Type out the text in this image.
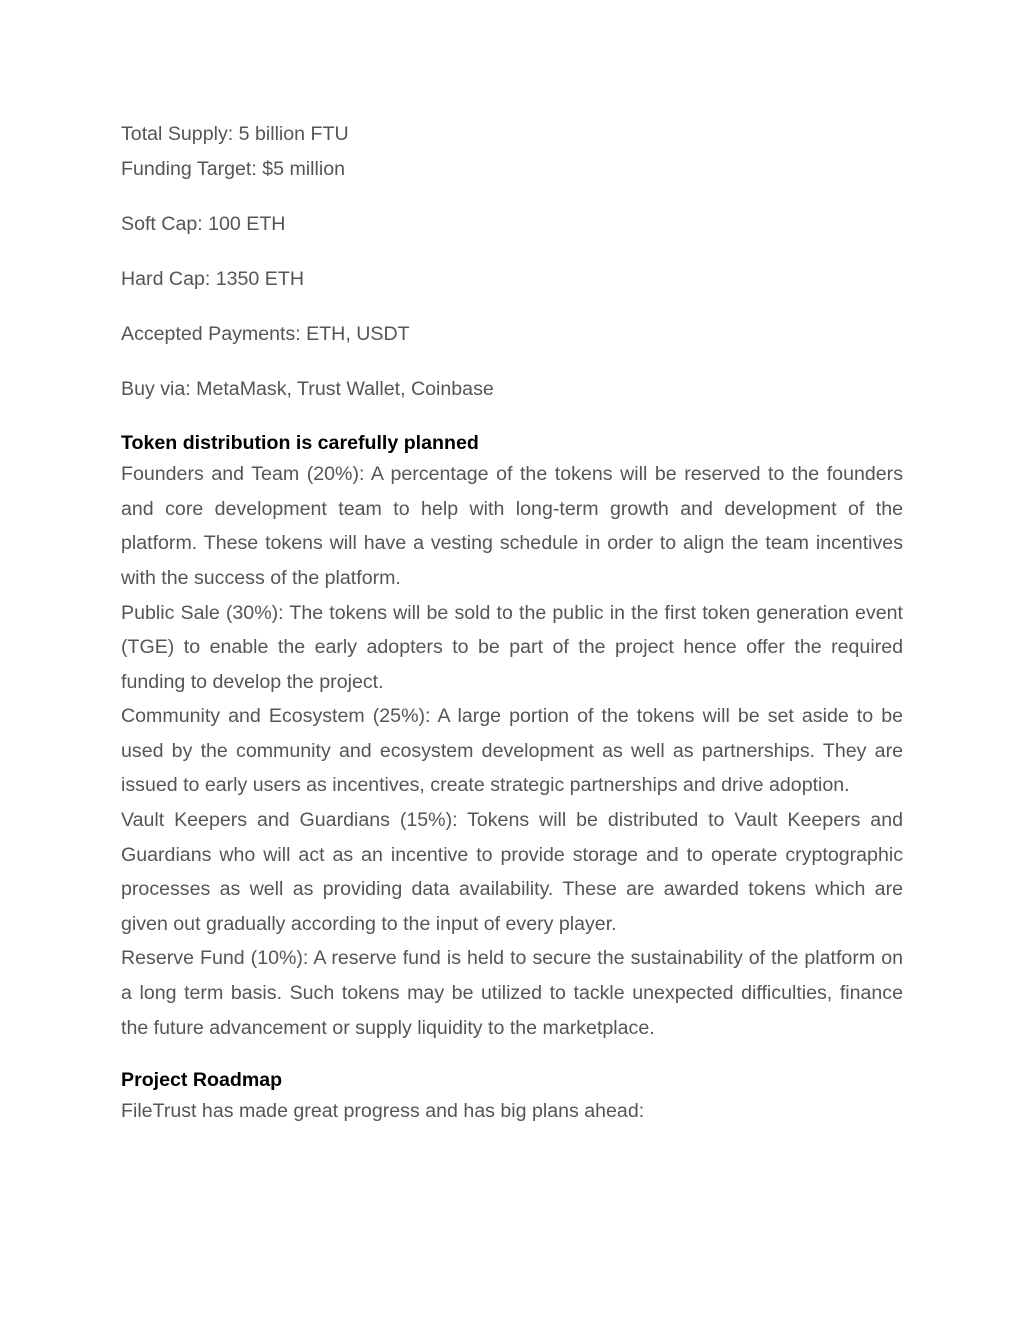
Total Supply: 5 billion FTU

Funding Target: $5 million

Soft Cap: 100 ETH

Hard Cap: 1350 ETH

Accepted Payments: ETH, USDT

Buy via: MetaMask, Trust Wallet, Coinbase

Token distribution is carefully planned

Founders and Team (20%): A percentage of the tokens will be reserved to the founders and core development team to help with long-term growth and development of the platform. These tokens will have a vesting schedule in order to align the team incentives with the success of the platform.

Public Sale (30%): The tokens will be sold to the public in the first token generation event (TGE) to enable the early adopters to be part of the project hence offer the required funding to develop the project.

Community and Ecosystem (25%): A large portion of the tokens will be set aside to be used by the community and ecosystem development as well as partnerships. They are issued to early users as incentives, create strategic partnerships and drive adoption.

Vault Keepers and Guardians (15%): Tokens will be distributed to Vault Keepers and Guardians who will act as an incentive to provide storage and to operate cryptographic processes as well as providing data availability. These are awarded tokens which are given out gradually according to the input of every player.

Reserve Fund (10%): A reserve fund is held to secure the sustainability of the platform on a long term basis. Such tokens may be utilized to tackle unexpected difficulties, finance the future advancement or supply liquidity to the marketplace.

Project Roadmap

FileTrust has made great progress and has big plans ahead:
